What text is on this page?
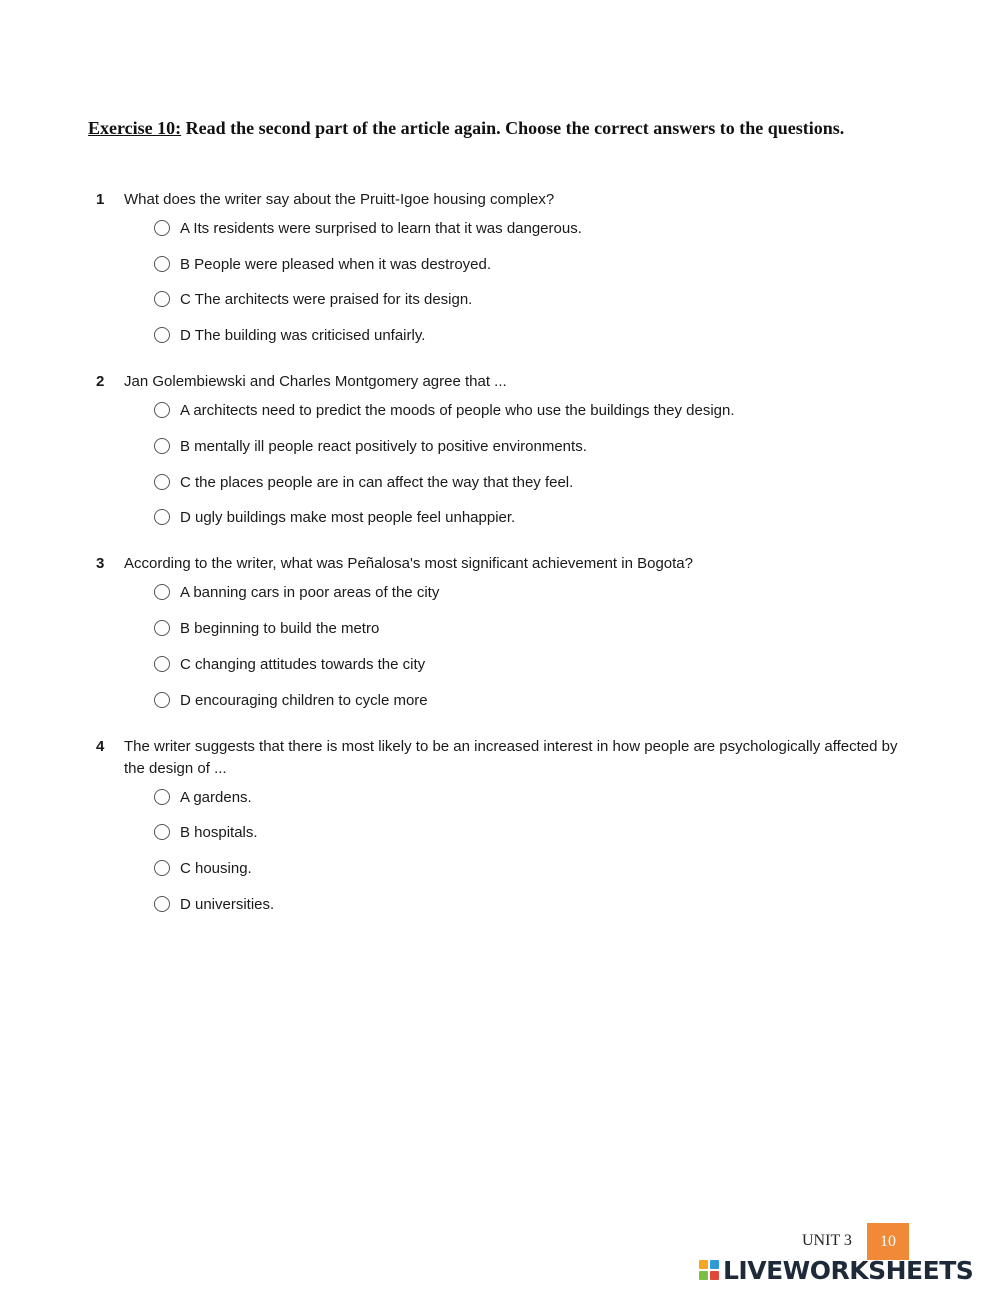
Exercise 10: Read the second part of the article again. Choose the correct answers to the questions.
1	What does the writer say about the Pruitt-Igoe housing complex?
A Its residents were surprised to learn that it was dangerous.
B People were pleased when it was destroyed.
C The architects were praised for its design.
D The building was criticised unfairly.
2	Jan Golembiewski and Charles Montgomery agree that ...
A architects need to predict the moods of people who use the buildings they design.
B mentally ill people react positively to positive environments.
C the places people are in can affect the way that they feel.
D ugly buildings make most people feel unhappier.
3	According to the writer, what was Peñalosa's most significant achievement in Bogota?
A banning cars in poor areas of the city
B beginning to build the metro
C changing attitudes towards the city
D encouraging children to cycle more
4	The writer suggests that there is most likely to be an increased interest in how people are psychologically affected by the design of ...
A gardens.
B hospitals.
C housing.
D universities.
UNIT 3	10
LIVEWORKSHEETS
